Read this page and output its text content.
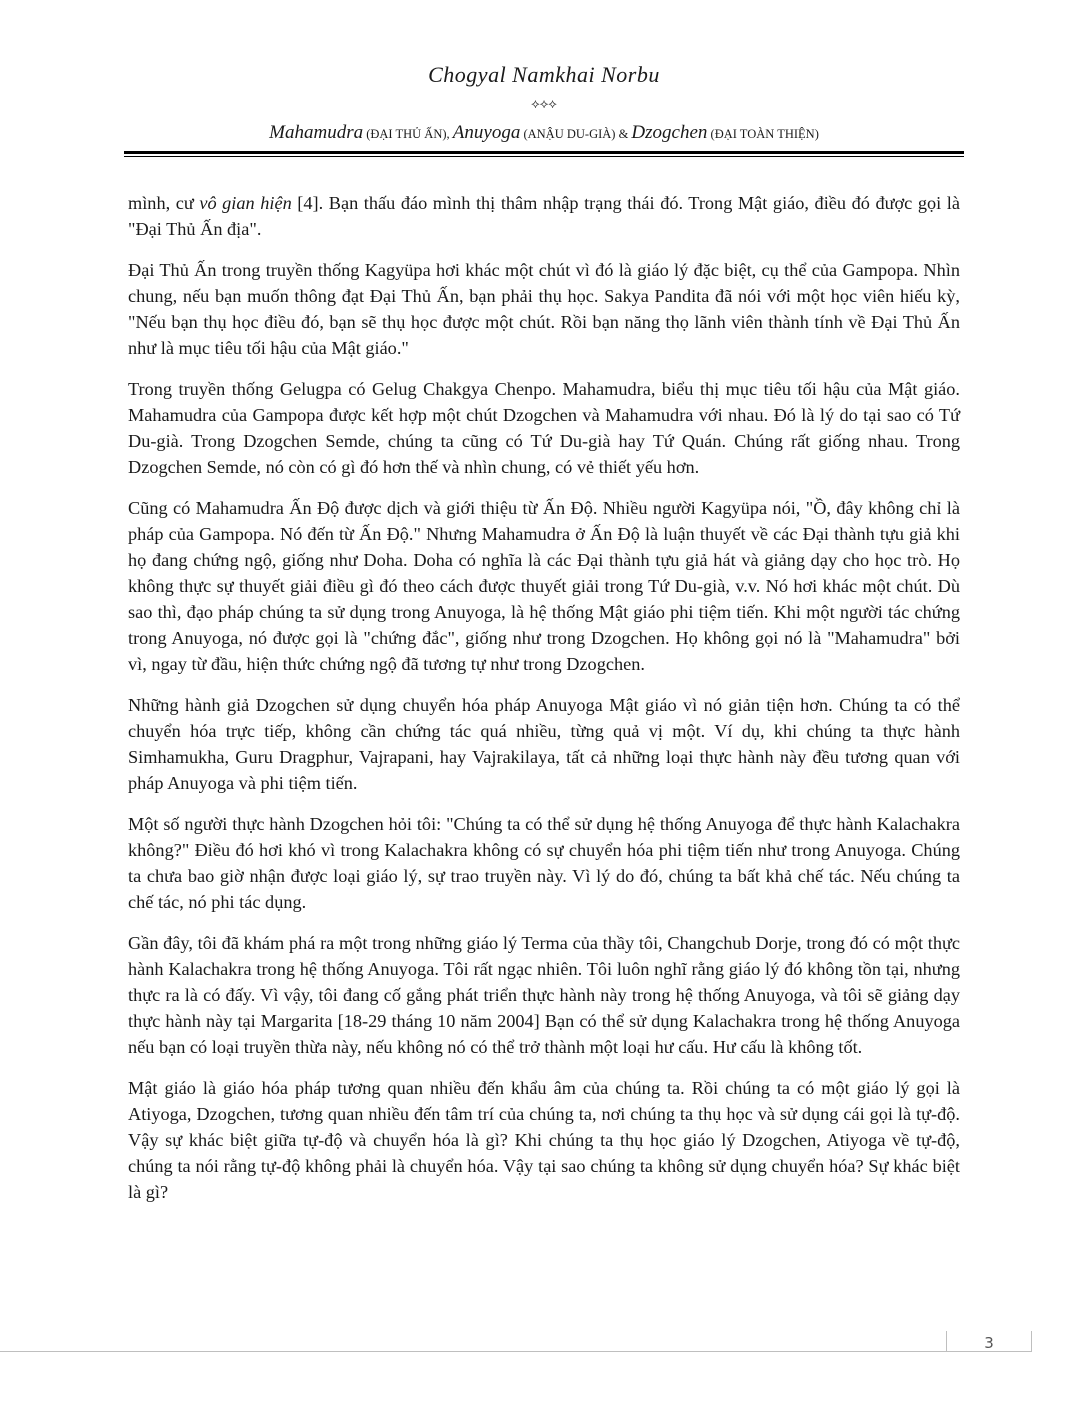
Chogyal Namkhai Norbu
⟡⟡⟡
Mahamudra (ĐẠI THỦ ẤN), Anuyoga (ANẬU DU-GIÀ) & Dzogchen (ĐẠI TOÀN THIỆN)

mình, cư vô gian hiện [4]. Bạn thấu đáo mình thị thâm nhập trạng thái đó. Trong Mật giáo, điều đó được gọi là "Đại Thủ Ấn địa".

Đại Thủ Ấn trong truyền thống Kagyüpa hơi khác một chút vì đó là giáo lý đặc biệt, cụ thể của Gampopa. Nhìn chung, nếu bạn muốn thông đạt Đại Thủ Ấn, bạn phải thụ học. Sakya Pandita đã nói với một học viên hiếu kỳ, "Nếu bạn thụ học điều đó, bạn sẽ thụ học được một chút. Rồi bạn năng thọ lãnh viên thành tính về Đại Thủ Ấn như là mục tiêu tối hậu của Mật giáo."

Trong truyền thống Gelugpa có Gelug Chakgya Chenpo. Mahamudra, biểu thị mục tiêu tối hậu của Mật giáo. Mahamudra của Gampopa được kết hợp một chút Dzogchen và Mahamudra với nhau. Đó là lý do tại sao có Tứ Du-già. Trong Dzogchen Semde, chúng ta cũng có Tứ Du-già hay Tứ Quán. Chúng rất giống nhau. Trong Dzogchen Semde, nó còn có gì đó hơn thế và nhìn chung, có vẻ thiết yếu hơn.

Cũng có Mahamudra Ấn Độ được dịch và giới thiệu từ Ấn Độ. Nhiều người Kagyüpa nói, "Ồ, đây không chỉ là pháp của Gampopa. Nó đến từ Ấn Độ." Nhưng Mahamudra ở Ấn Độ là luận thuyết về các Đại thành tựu giả khi họ đang chứng ngộ, giống như Doha. Doha có nghĩa là các Đại thành tựu giả hát và giảng dạy cho học trò. Họ không thực sự thuyết giải điều gì đó theo cách được thuyết giải trong Tứ Du-già, v.v. Nó hơi khác một chút. Dù sao thì, đạo pháp chúng ta sử dụng trong Anuyoga, là hệ thống Mật giáo phi tiệm tiến. Khi một người tác chứng trong Anuyoga, nó được gọi là "chứng đắc", giống như trong Dzogchen. Họ không gọi nó là "Mahamudra" bởi vì, ngay từ đầu, hiện thức chứng ngộ đã tương tự như trong Dzogchen.

Những hành giả Dzogchen sử dụng chuyển hóa pháp Anuyoga Mật giáo vì nó giản tiện hơn. Chúng ta có thể chuyển hóa trực tiếp, không cần chứng tác quá nhiều, từng quả vị một. Ví dụ, khi chúng ta thực hành Simhamukha, Guru Dragphur, Vajrapani, hay Vajrakilaya, tất cả những loại thực hành này đều tương quan với pháp Anuyoga và phi tiệm tiến.

Một số người thực hành Dzogchen hỏi tôi: "Chúng ta có thể sử dụng hệ thống Anuyoga để thực hành Kalachakra không?" Điều đó hơi khó vì trong Kalachakra không có sự chuyển hóa phi tiệm tiến như trong Anuyoga. Chúng ta chưa bao giờ nhận được loại giáo lý, sự trao truyền này. Vì lý do đó, chúng ta bất khả chế tác. Nếu chúng ta chế tác, nó phi tác dụng.

Gần đây, tôi đã khám phá ra một trong những giáo lý Terma của thầy tôi, Changchub Dorje, trong đó có một thực hành Kalachakra trong hệ thống Anuyoga. Tôi rất ngạc nhiên. Tôi luôn nghĩ rằng giáo lý đó không tồn tại, nhưng thực ra là có đấy. Vì vậy, tôi đang cố gắng phát triển thực hành này trong hệ thống Anuyoga, và tôi sẽ giảng dạy thực hành này tại Margarita [18-29 tháng 10 năm 2004] Bạn có thể sử dụng Kalachakra trong hệ thống Anuyoga nếu bạn có loại truyền thừa này, nếu không nó có thể trở thành một loại hư cấu. Hư cấu là không tốt.

Mật giáo là giáo hóa pháp tương quan nhiều đến khẩu âm của chúng ta. Rồi chúng ta có một giáo lý gọi là Atiyoga, Dzogchen, tương quan nhiều đến tâm trí của chúng ta, nơi chúng ta thụ học và sử dụng cái gọi là tự-độ. Vậy sự khác biệt giữa tự-độ và chuyển hóa là gì? Khi chúng ta thụ học giáo lý Dzogchen, Atiyoga về tự-độ, chúng ta nói rằng tự-độ không phải là chuyển hóa. Vậy tại sao chúng ta không sử dụng chuyển hóa? Sự khác biệt là gì?

3
